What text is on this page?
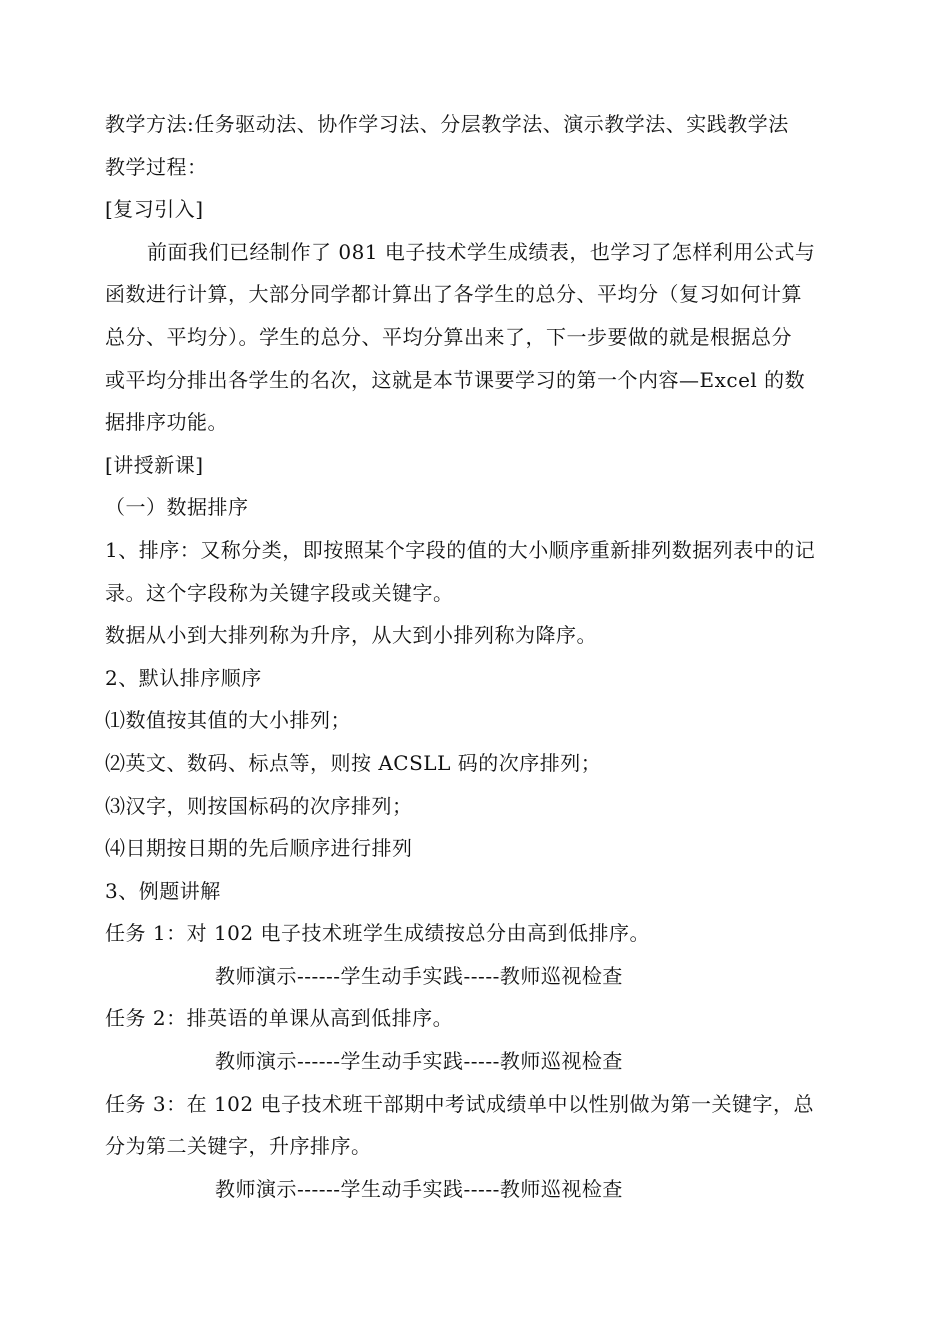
教学方法:任务驱动法、协作学习法、分层教学法、演示教学法、实践教学法
教学过程：
[复习引入]
前面我们已经制作了 081 电子技术学生成绩表，也学习了怎样利用公式与
函数进行计算，大部分同学都计算出了各学生的总分、平均分（复习如何计算
总分、平均分）。学生的总分、平均分算出来了，下一步要做的就是根据总分
或平均分排出各学生的名次，这就是本节课要学习的第一个内容—Excel 的数
据排序功能。
[讲授新课]
（一）数据排序
1、排序：又称分类，即按照某个字段的值的大小顺序重新排列数据列表中的记
录。这个字段称为关键字段或关键字。
数据从小到大排列称为升序，从大到小排列称为降序。
2、默认排序顺序
⑴数值按其值的大小排列；
⑵英文、数码、标点等，则按 ACSLL 码的次序排列；
⑶汉字，则按国标码的次序排列；
⑷日期按日期的先后顺序进行排列
3、例题讲解
任务 1：对 102 电子技术班学生成绩按总分由高到低排序。
教师演示------学生动手实践-----教师巡视检查
任务 2：排英语的单课从高到低排序。
教师演示------学生动手实践-----教师巡视检查
任务 3：在 102 电子技术班干部期中考试成绩单中以性别做为第一关键字，总
分为第二关键字，升序排序。
教师演示------学生动手实践-----教师巡视检查
